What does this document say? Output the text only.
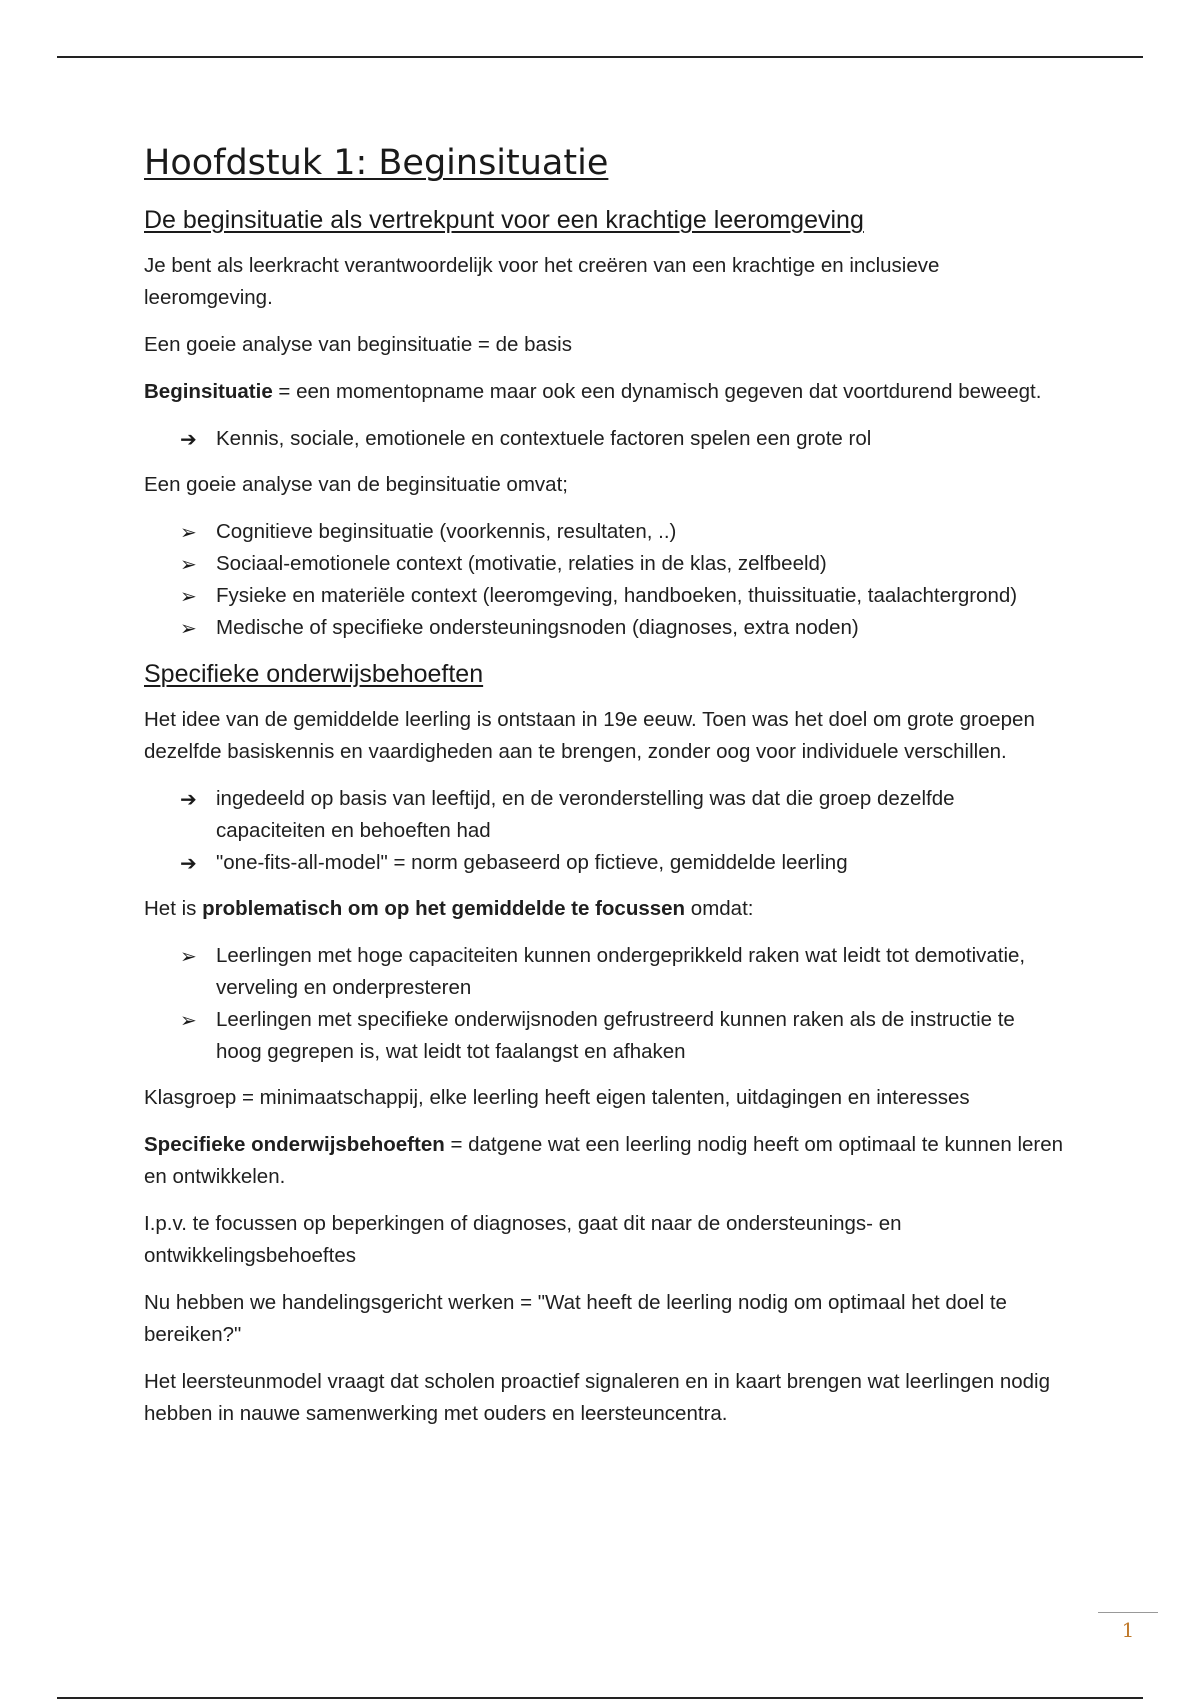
Hoofdstuk 1: Beginsituatie
De beginsituatie als vertrekpunt voor een krachtige leeromgeving

Je bent als leerkracht verantwoordelijk voor het creëren van een krachtige en inclusieve leeromgeving.

Een goeie analyse van beginsituatie = de basis

Beginsituatie = een momentopname maar ook een dynamisch gegeven dat voortdurend beweegt.

➔ Kennis, sociale, emotionele en contextuele factoren spelen een grote rol

Een goeie analyse van de beginsituatie omvat;

➢ Cognitieve beginsituatie (voorkennis, resultaten, ..)
➢ Sociaal-emotionele context (motivatie, relaties in de klas, zelfbeeld)
➢ Fysieke en materiële context (leeromgeving, handboeken, thuissituatie, taalachtergrond)
➢ Medische of specifieke ondersteuningsnoden (diagnoses, extra noden)
Specifieke onderwijsbehoeften

Het idee van de gemiddelde leerling is ontstaan in 19e eeuw. Toen was het doel om grote groepen dezelfde basiskennis en vaardigheden aan te brengen, zonder oog voor individuele verschillen.

➔ ingedeeld op basis van leeftijd, en de veronderstelling was dat die groep dezelfde capaciteiten en behoeften had
➔ "one-fits-all-model" = norm gebaseerd op fictieve, gemiddelde leerling

Het is problematisch om op het gemiddelde te focussen omdat:

➢ Leerlingen met hoge capaciteiten kunnen ondergeprikkeld raken wat leidt tot demotivatie, verveling en onderpresteren
➢ Leerlingen met specifieke onderwijsnoden gefrustreerd kunnen raken als de instructie te hoog gegrepen is, wat leidt tot faalangst en afhaken

Klasgroep = minimaatschappij, elke leerling heeft eigen talenten, uitdagingen en interesses

Specifieke onderwijsbehoeften = datgene wat een leerling nodig heeft om optimaal te kunnen leren en ontwikkelen.

I.p.v. te focussen op beperkingen of diagnoses, gaat dit naar de ondersteunings- en ontwikkelingsbehoeftes

Nu hebben we handelingsgericht werken = "Wat heeft de leerling nodig om optimaal het doel te bereiken?"

Het leersteunmodel vraagt dat scholen proactief signaleren en in kaart brengen wat leerlingen nodig hebben in nauwe samenwerking met ouders en leersteuncentra.

1
